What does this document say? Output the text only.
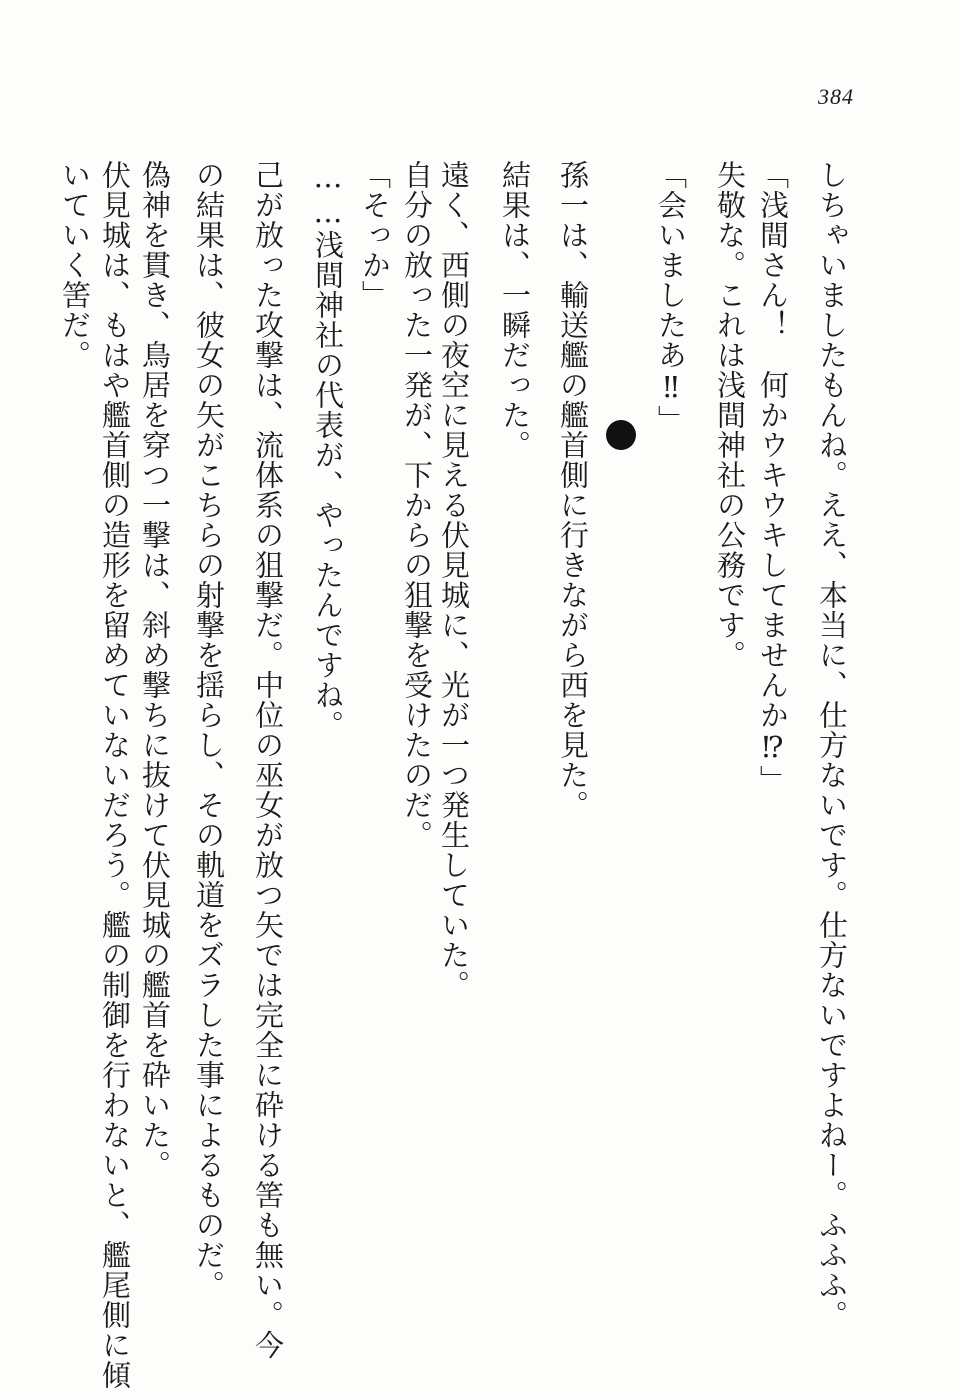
384
しちゃいましたもんね。ええ、本当に、仕方ないです。仕方ないですよねー。ふふふ。
「浅間さん！　何かウキウキしてませんか⁉」
失敬な。これは浅間神社の公務です。
「会いましたあ‼」
孫一は、輸送艦の艦首側に行きながら西を見た。
結果は、一瞬だった。
遠く、西側の夜空に見える伏見城に、光が一つ発生していた。
自分の放った一発が、下からの狙撃を受けたのだ。
「そっか」
……浅間神社の代表が、やったんですね。
己が放った攻撃は、流体系の狙撃だ。中位の巫女が放つ矢では完全に砕ける筈も無い。今
の結果は、彼女の矢がこちらの射撃を揺らし、その軌道をズラした事によるものだ。
偽神を貫き、鳥居を穿つ一撃は、斜め撃ちに抜けて伏見城の艦首を砕いた。
伏見城は、もはや艦首側の造形を留めていないだろう。艦の制御を行わないと、艦尾側に傾
いていく筈だ。
